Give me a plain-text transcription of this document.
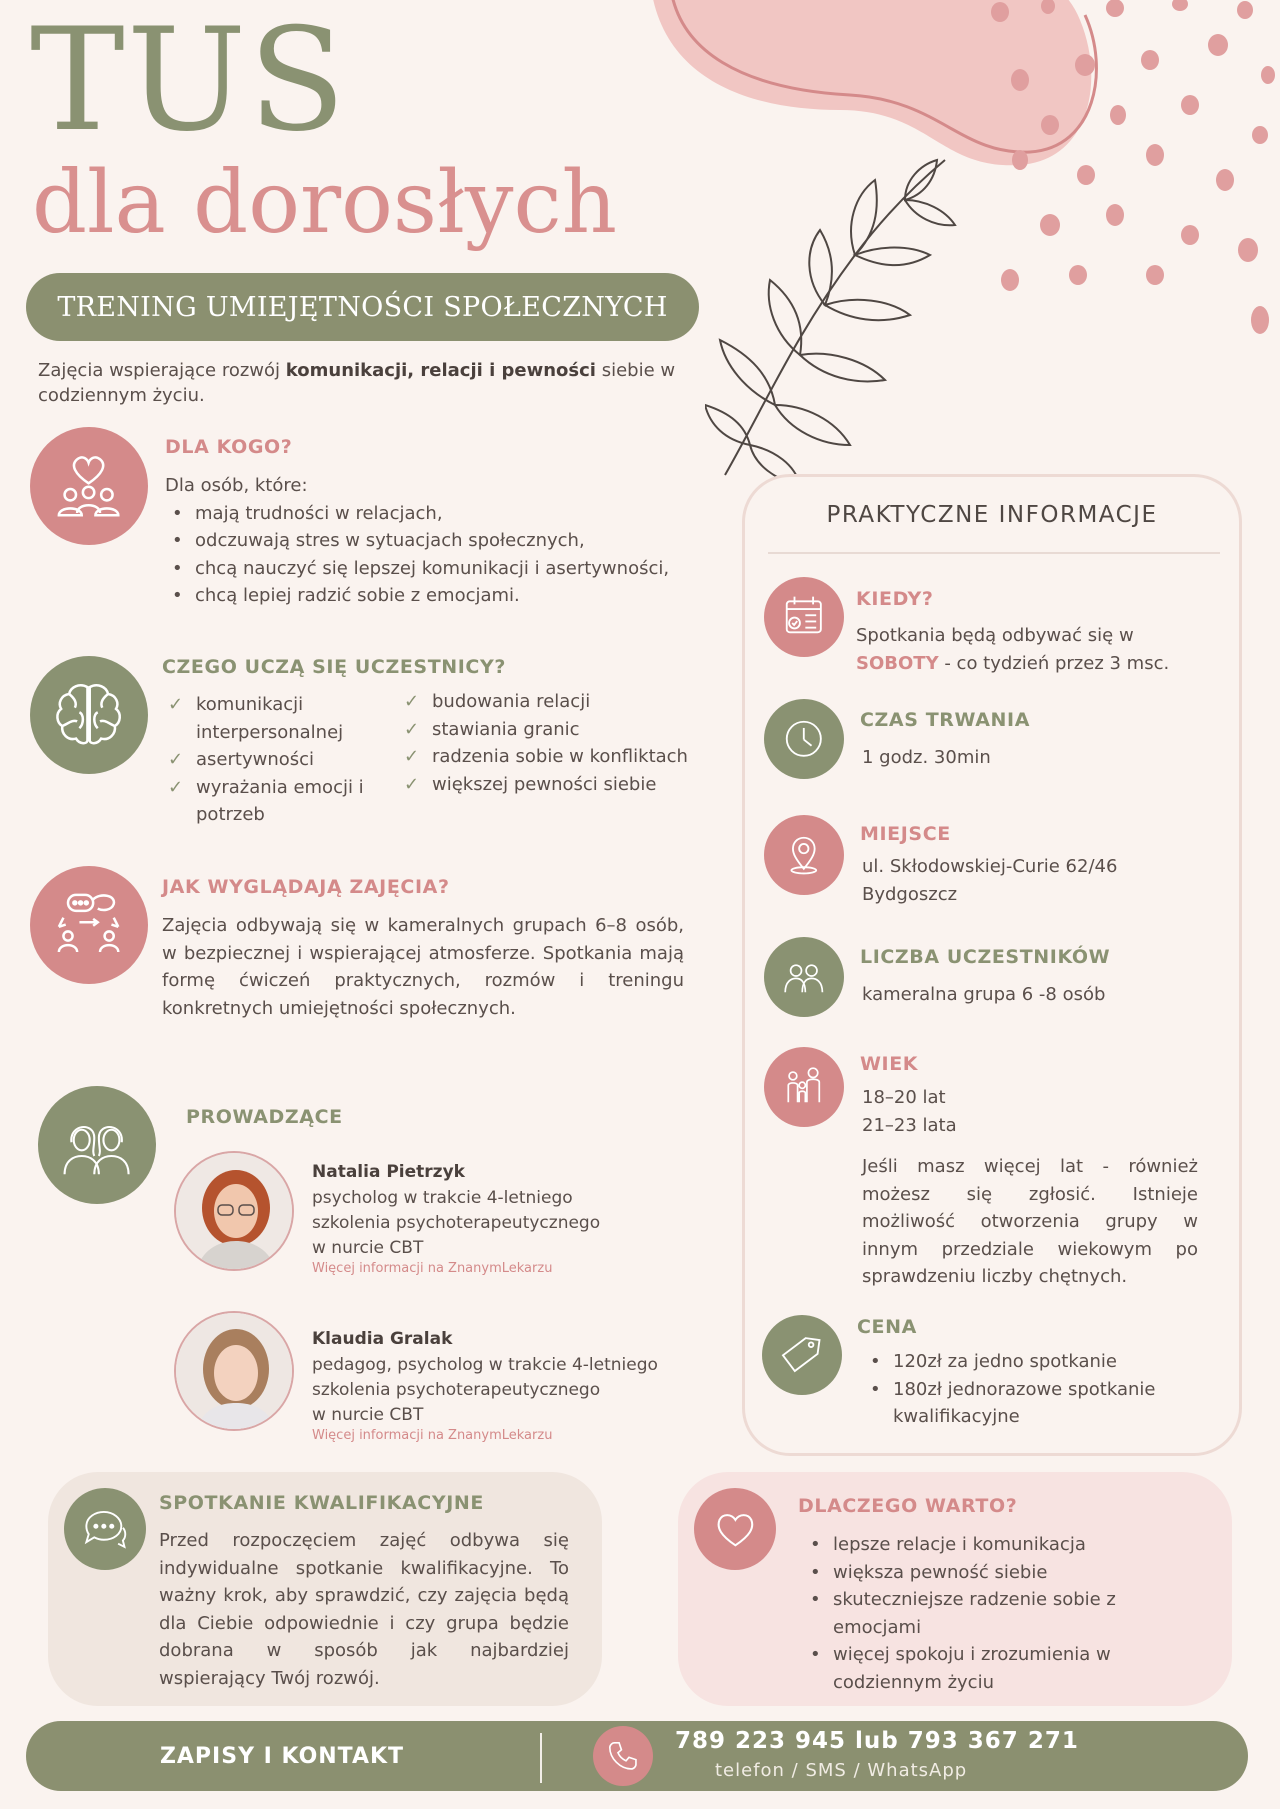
TUS
dla dorosłych
TRENING UMIEJĘTNOŚCI SPOŁECZNYCH
Zajęcia wspierające rozwój komunikacji, relacji i pewności siebie w codziennym życiu.
DLA KOGO?
Dla osób, które:
• mają trudności w relacjach,
• odczuwają stres w sytuacjach społecznych,
• chcą nauczyć się lepszej komunikacji i asertywności,
• chcą lepiej radzić sobie z emocjami.
CZEGO UCZĄ SIĘ UCZESTNICY?
✓ komunikacji interpersonalnej
✓ asertywności
✓ wyrażania emocji i potrzeb
✓ budowania relacji
✓ stawiania granic
✓ radzenia sobie w konfliktach
✓ większej pewności siebie
JAK WYGLĄDAJĄ ZAJĘCIA?
Zajęcia odbywają się w kameralnych grupach 6–8 osób, w bezpiecznej i wspierającej atmosferze. Spotkania mają formę ćwiczeń praktycznych, rozmów i treningu konkretnych umiejętności społecznych.
PROWADZĄCE
Natalia Pietrzyk
psycholog w trakcie 4-letniego
szkolenia psychoterapeutycznego
w nurcie CBT
Więcej informacji na ZnanymLekarzu
Klaudia Gralak
pedagog, psycholog w trakcie 4-letniego
szkolenia psychoterapeutycznego
w nurcie CBT
Więcej informacji na ZnanymLekarzu
PRAKTYCZNE INFORMACJE
KIEDY?
Spotkania będą odbywać się w
SOBOTY - co tydzień przez 3 msc.
CZAS TRWANIA
1 godz. 30min
MIEJSCE
ul. Skłodowskiej-Curie 62/46
Bydgoszcz
LICZBA UCZESTNIKÓW
kameralna grupa 6 -8 osób
WIEK
18–20 lat
21–23 lata
Jeśli masz więcej lat - również możesz się zgłosić. Istnieje możliwość otworzenia grupy w innym przedziale wiekowym po sprawdzeniu liczby chętnych.
CENA
• 120zł za jedno spotkanie
• 180zł jednorazowe spotkanie kwalifikacyjne
SPOTKANIE KWALIFIKACYJNE
Przed rozpoczęciem zajęć odbywa się indywidualne spotkanie kwalifikacyjne. To ważny krok, aby sprawdzić, czy zajęcia będą dla Ciebie odpowiednie i czy grupa będzie dobrana w sposób jak najbardziej wspierający Twój rozwój.
DLACZEGO WARTO?
• lepsze relacje i komunikacja
• większa pewność siebie
• skuteczniejsze radzenie sobie z emocjami
• więcej spokoju i zrozumienia w codziennym życiu
ZAPISY I KONTAKT
789 223 945 lub 793 367 271
telefon / SMS / WhatsApp
